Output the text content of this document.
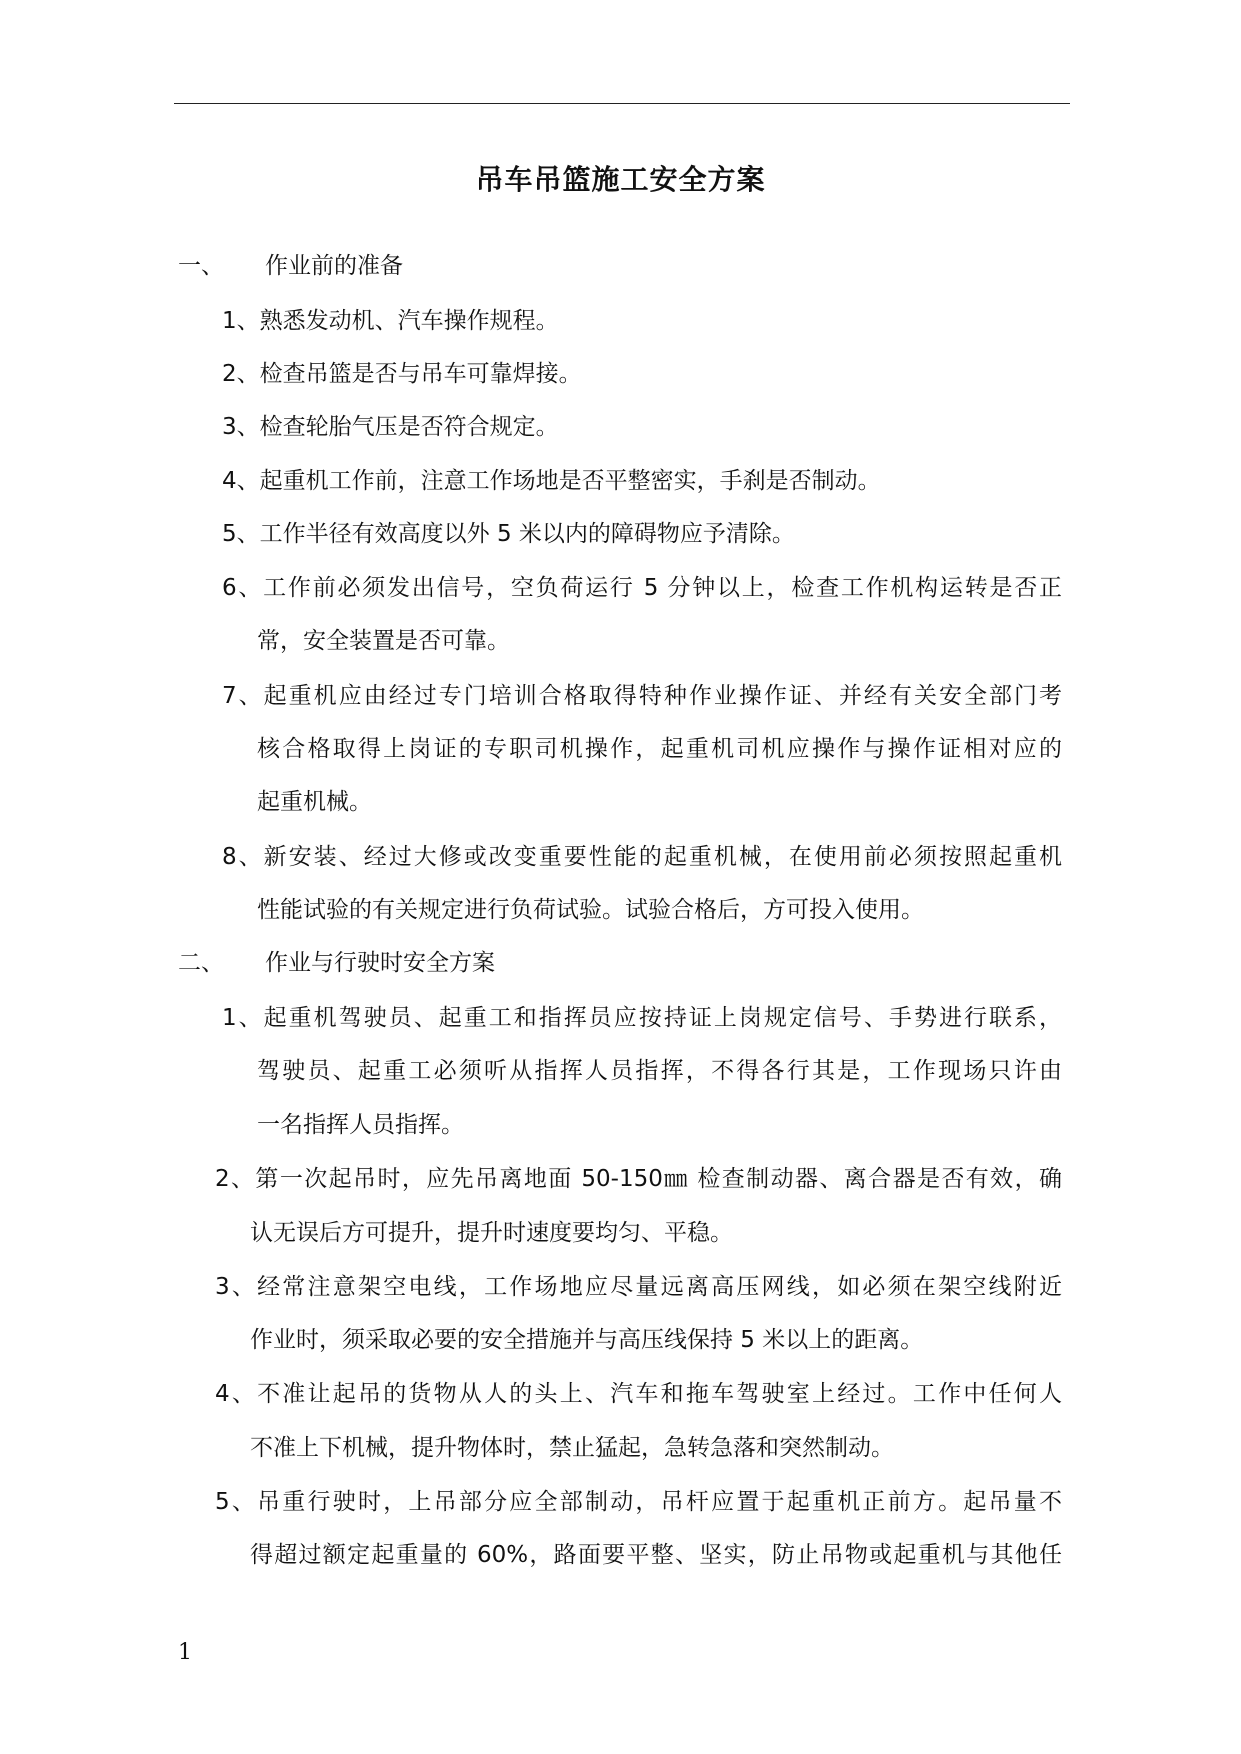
吊车吊篮施工安全方案
一、 作业前的准备
1、熟悉发动机、汽车操作规程。
2、检查吊篮是否与吊车可靠焊接。
3、检查轮胎气压是否符合规定。
4、起重机工作前，注意工作场地是否平整密实，手刹是否制动。
5、工作半径有效高度以外 5 米以内的障碍物应予清除。
6、工作前必须发出信号，空负荷运行 5 分钟以上，检查工作机构运转是否正
常，安全装置是否可靠。
7、起重机应由经过专门培训合格取得特种作业操作证、并经有关安全部门考
核合格取得上岗证的专职司机操作，起重机司机应操作与操作证相对应的
起重机械。
8、新安装、经过大修或改变重要性能的起重机械，在使用前必须按照起重机
性能试验的有关规定进行负荷试验。试验合格后，方可投入使用。
二、 作业与行驶时安全方案
1、起重机驾驶员、起重工和指挥员应按持证上岗规定信号、手势进行联系，
驾驶员、起重工必须听从指挥人员指挥，不得各行其是，工作现场只许由
一名指挥人员指挥。
2、第一次起吊时，应先吊离地面 50-150㎜ 检查制动器、离合器是否有效，确
认无误后方可提升，提升时速度要均匀、平稳。
3、经常注意架空电线，工作场地应尽量远离高压网线，如必须在架空线附近
作业时，须采取必要的安全措施并与高压线保持 5 米以上的距离。
4、不准让起吊的货物从人的头上、汽车和拖车驾驶室上经过。工作中任何人
不准上下机械，提升物体时，禁止猛起，急转急落和突然制动。
5、吊重行驶时，上吊部分应全部制动，吊杆应置于起重机正前方。起吊量不
得超过额定起重量的 60%，路面要平整、坚实，防止吊物或起重机与其他任
1
